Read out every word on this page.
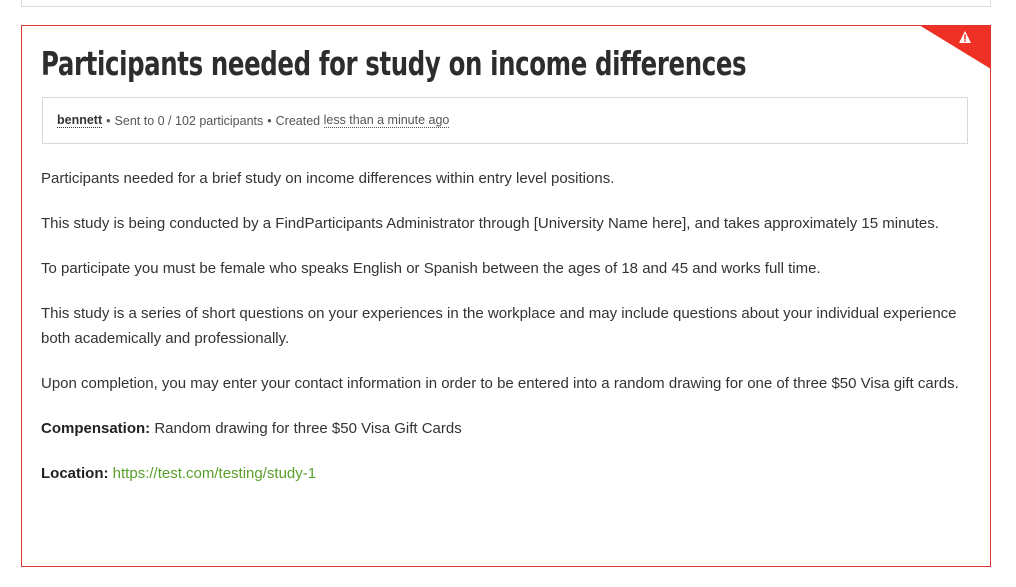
Participants needed for study on income differences
bennett • Sent to 0 / 102 participants • Created
less than a minute ago

Participants needed for a brief study on income differences within entry level positions.

This study is being conducted by a FindParticipants Administrator through [University Name here], and takes approximately 15 minutes.

To participate you must be female who speaks English or Spanish between the ages of 18 and 45 and works full time.

This study is a series of short questions on your experiences in the workplace and may include questions about your individual experience both academically and professionally.

Upon completion, you may enter your contact information in order to be entered into a random drawing for one of three $50 Visa gift cards.

Compensation: Random drawing for three $50 Visa Gift Cards

Location: https://test.com/testing/study-1
